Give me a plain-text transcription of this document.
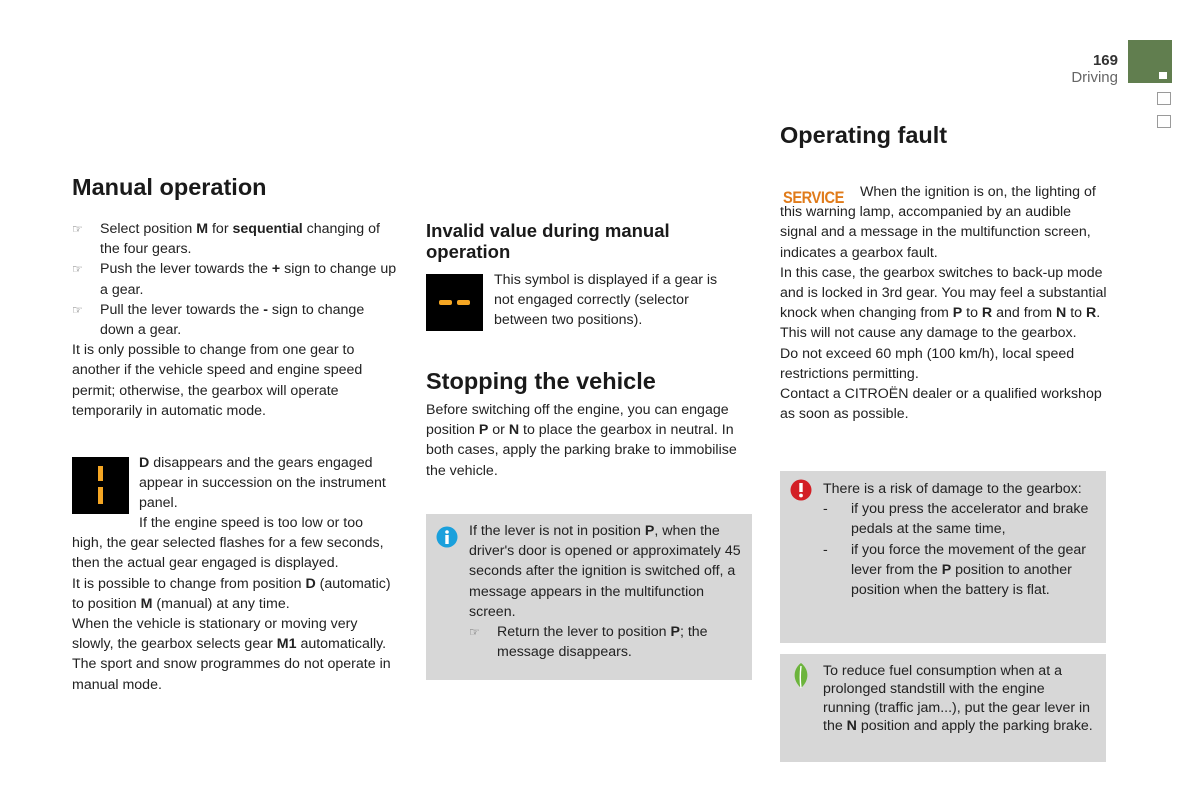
169
Driving
Manual operation

☞ Select position M for sequential changing of the four gears.

☞ Push the lever towards the + sign to change up a gear.

☞ Pull the lever towards the - sign to change down a gear.

It is only possible to change from one gear to another if the vehicle speed and engine speed permit; otherwise, the gearbox will operate temporarily in automatic mode.

D disappears and the gears engaged appear in succession on the instrument panel.

If the engine speed is too low or too high, the gear selected flashes for a few seconds, then the actual gear engaged is displayed.

It is possible to change from position D (automatic) to position M (manual) at any time.

When the vehicle is stationary or moving very slowly, the gearbox selects gear M1 automatically.

The sport and snow programmes do not operate in manual mode.

Invalid value during manual operation

This symbol is displayed if a gear is not engaged correctly (selector between two positions).

Stopping the vehicle

Before switching off the engine, you can engage position P or N to place the gearbox in neutral. In both cases, apply the parking brake to immobilise the vehicle.

If the lever is not in position P, when the driver's door is opened or approximately 45 seconds after the ignition is switched off, a message appears in the multifunction screen.

☞ Return the lever to position P; the message disappears.

Operating fault
SERVICE	When the ignition is on, the lighting of this warning lamp, accompanied by an audible signal and a message in the multifunction screen, indicates a gearbox fault.

In this case, the gearbox switches to back-up mode and is locked in 3rd gear. You may feel a substantial knock when changing from P to R and from N to R. This will not cause any damage to the gearbox.

Do not exceed 60 mph (100 km/h), local speed restrictions permitting.

Contact a CITROËN dealer or a qualified workshop as soon as possible.

There is a risk of damage to the gearbox:

- if you press the accelerator and brake pedals at the same time,

- if you force the movement of the gear lever from the P position to another position when the battery is flat.

To reduce fuel consumption when at a prolonged standstill with the engine running (traffic jam...), put the gear lever in the N position and apply the parking brake.
